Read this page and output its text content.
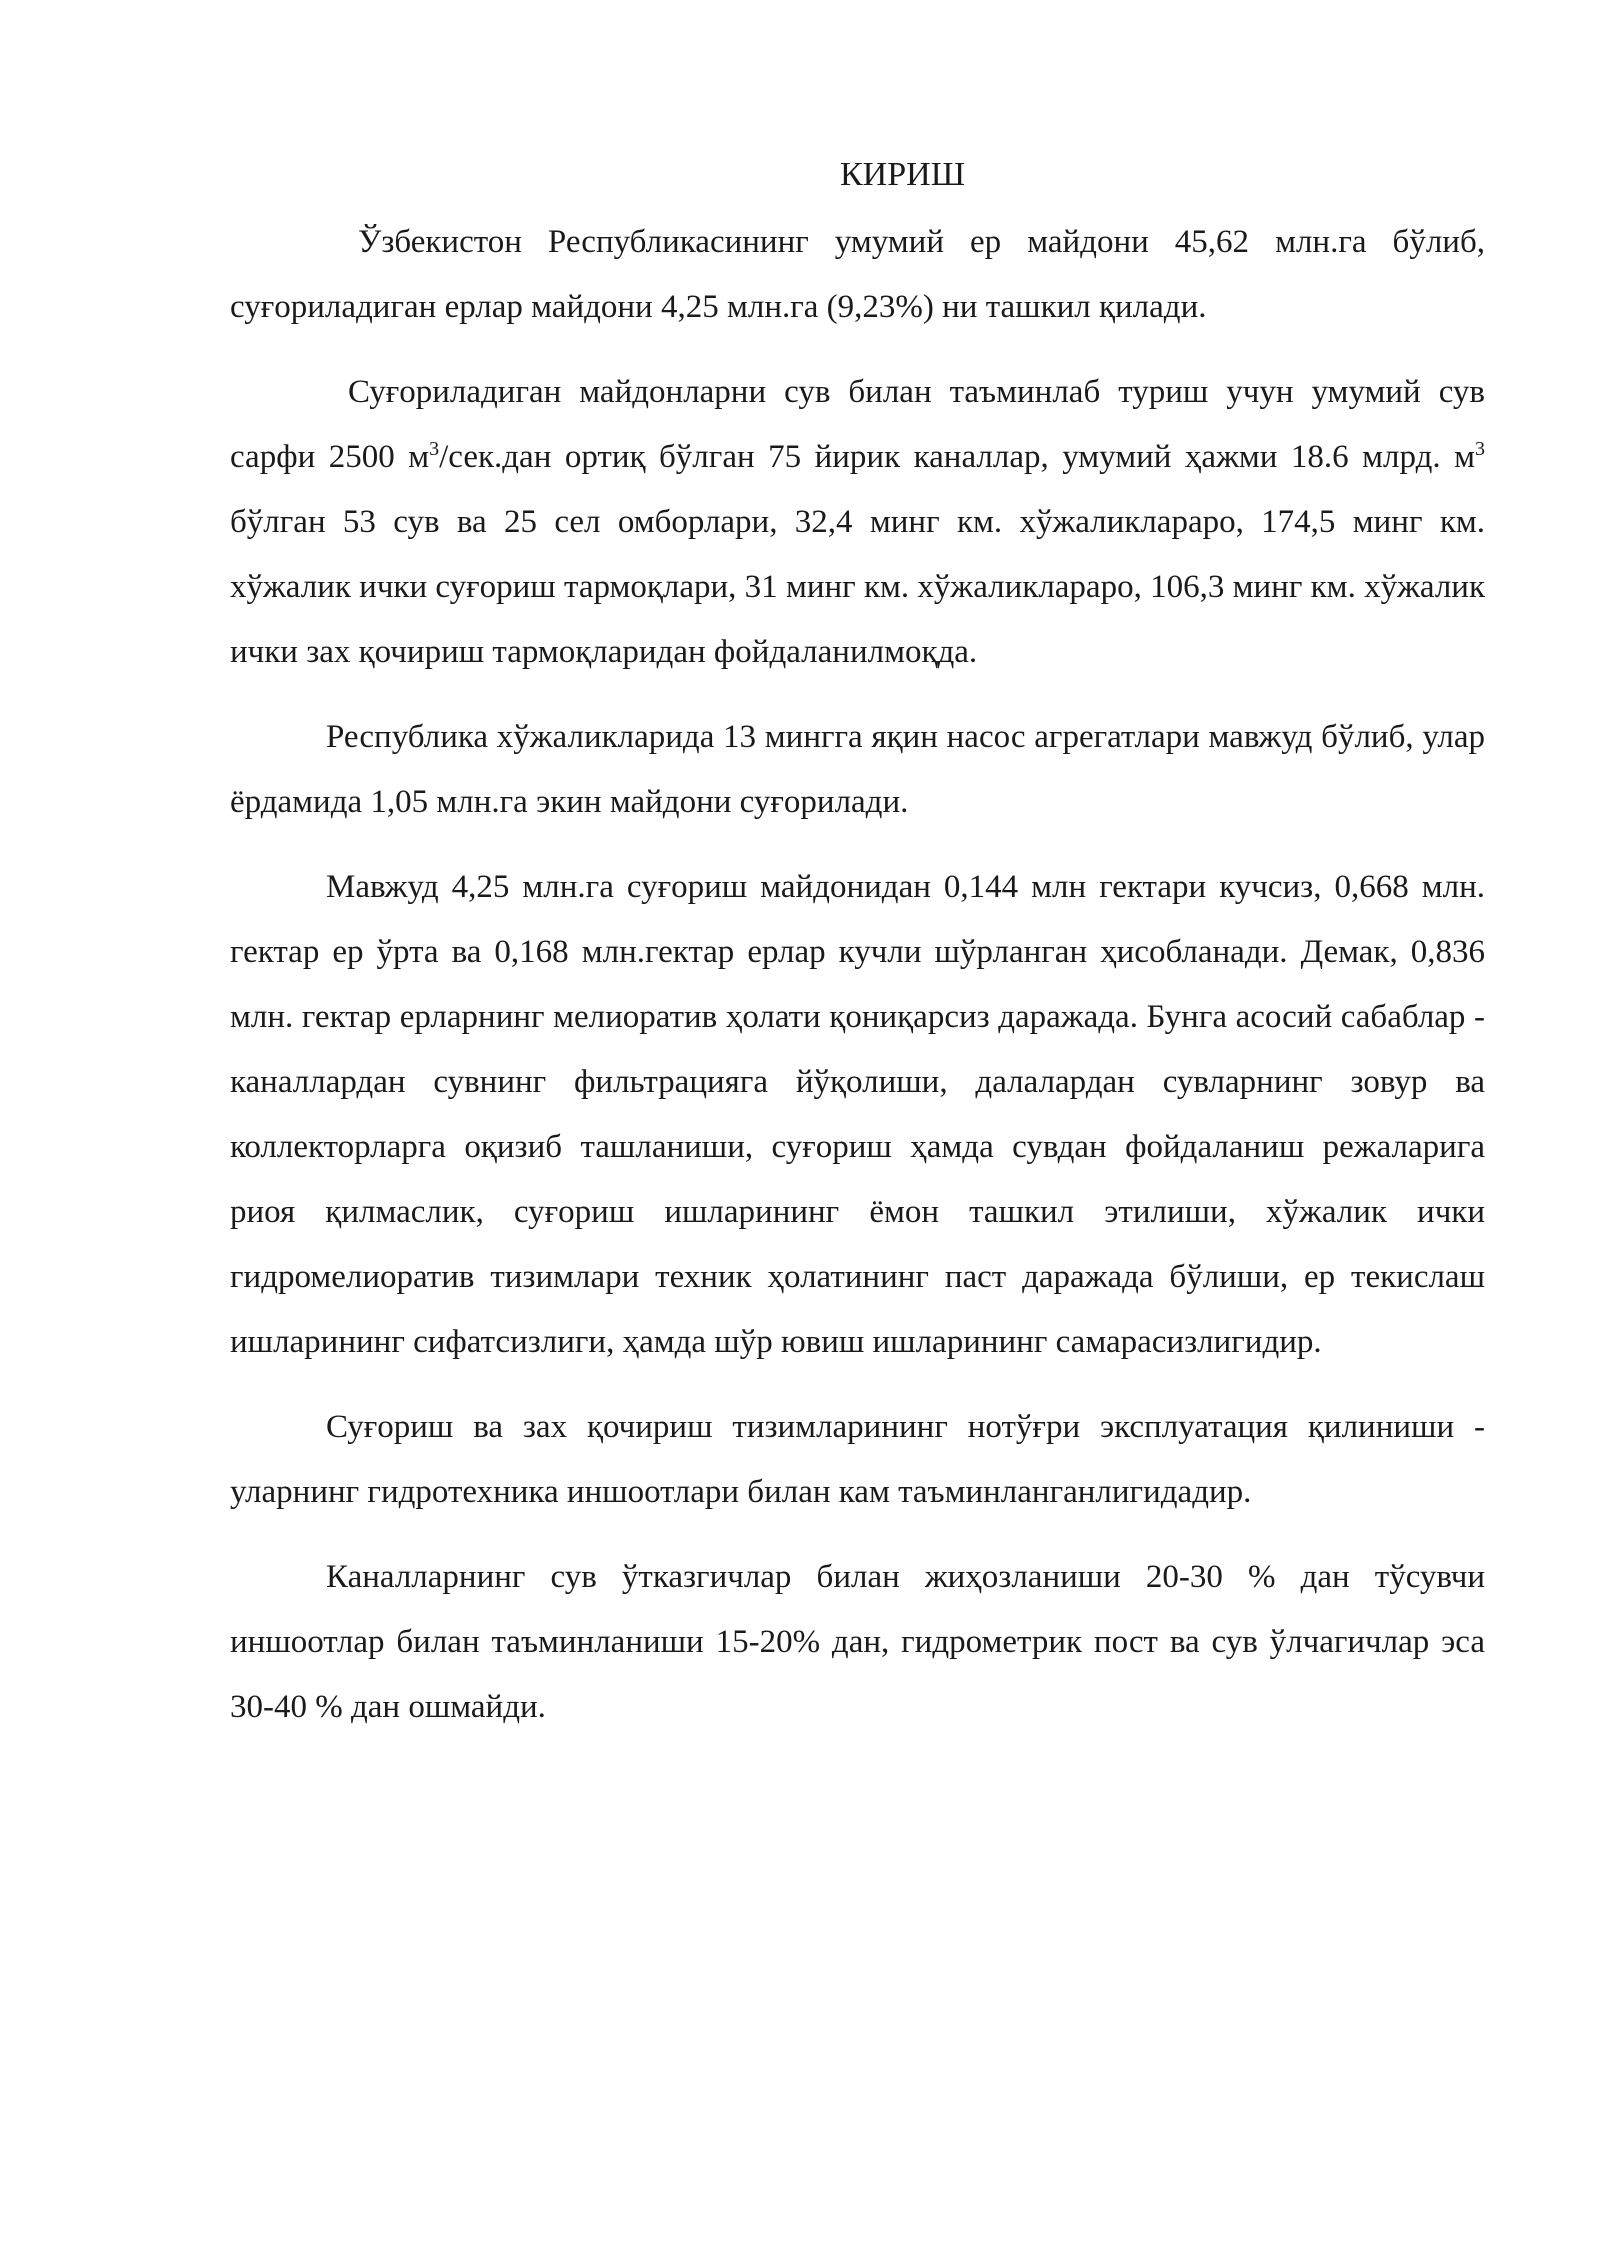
КИРИШ

Ўзбекистон Республикасининг умумий ер майдони 45,62 млн.га бўлиб, суғориладиган ерлар майдони 4,25 млн.га (9,23%) ни ташкил қилади.

Суғориладиган майдонларни сув билан таъминлаб туриш учун умумий сув сарфи 2500 $м^3/сек.дан$ ортиқ бўлган 75 йирик каналлар, умумий ҳажми 18.6 млрд. $м^3$ бўлган 53 сув ва 25 сел омборлари, 32,4 минг км. хўжаликлараро, 174,5 минг км. хўжалик ички суғориш тармоқлари, 31 минг км. хўжаликлараро, 106,3 минг км. хўжалик ички зах қочириш тармоқларидан фойдаланилмоқда.

Республика хўжаликларида 13 мингга яқин насос агрегатлари мавжуд бўлиб, улар ёрдамида 1,05 млн.га экин майдони суғорилади.

Мавжуд 4,25 млн.га суғориш майдонидан 0,144 млн гектари кучсиз, 0,668 млн. гектар ер ўрта ва 0,168 млн.гектар ерлар кучли шўрланган ҳисобланади. Демак, 0,836 млн. гектар ерларнинг мелиоратив ҳолати қониқарсиз даражада. Бунга асосий сабаблар - каналлардан сувнинг фильтрацияга йўқолиши, далалардан сувларнинг зовур ва коллекторларга оқизиб ташланиши, суғориш ҳамда сувдан фойдаланиш режаларига риоя қилмаслик, суғориш ишларининг ёмон ташкил этилиши, хўжалик ички гидромелиоратив тизимлари техник ҳолатининг паст даражада бўлиши, ер текислаш ишларининг сифатсизлиги, ҳамда шўр ювиш ишларининг самарасизлигидир.

Суғориш ва зах қочириш тизимларининг нотўғри эксплуатация қилиниши - уларнинг гидротехника иншоотлари билан кам таъминланганлигидадир.

Каналларнинг сув ўтказгичлар билан жиҳозланиши 20-30 % дан тўсувчи иншоотлар билан таъминланиши 15-20% дан, гидрометрик пост ва сув ўлчагичлар эса 30-40 % дан ошмайди.
